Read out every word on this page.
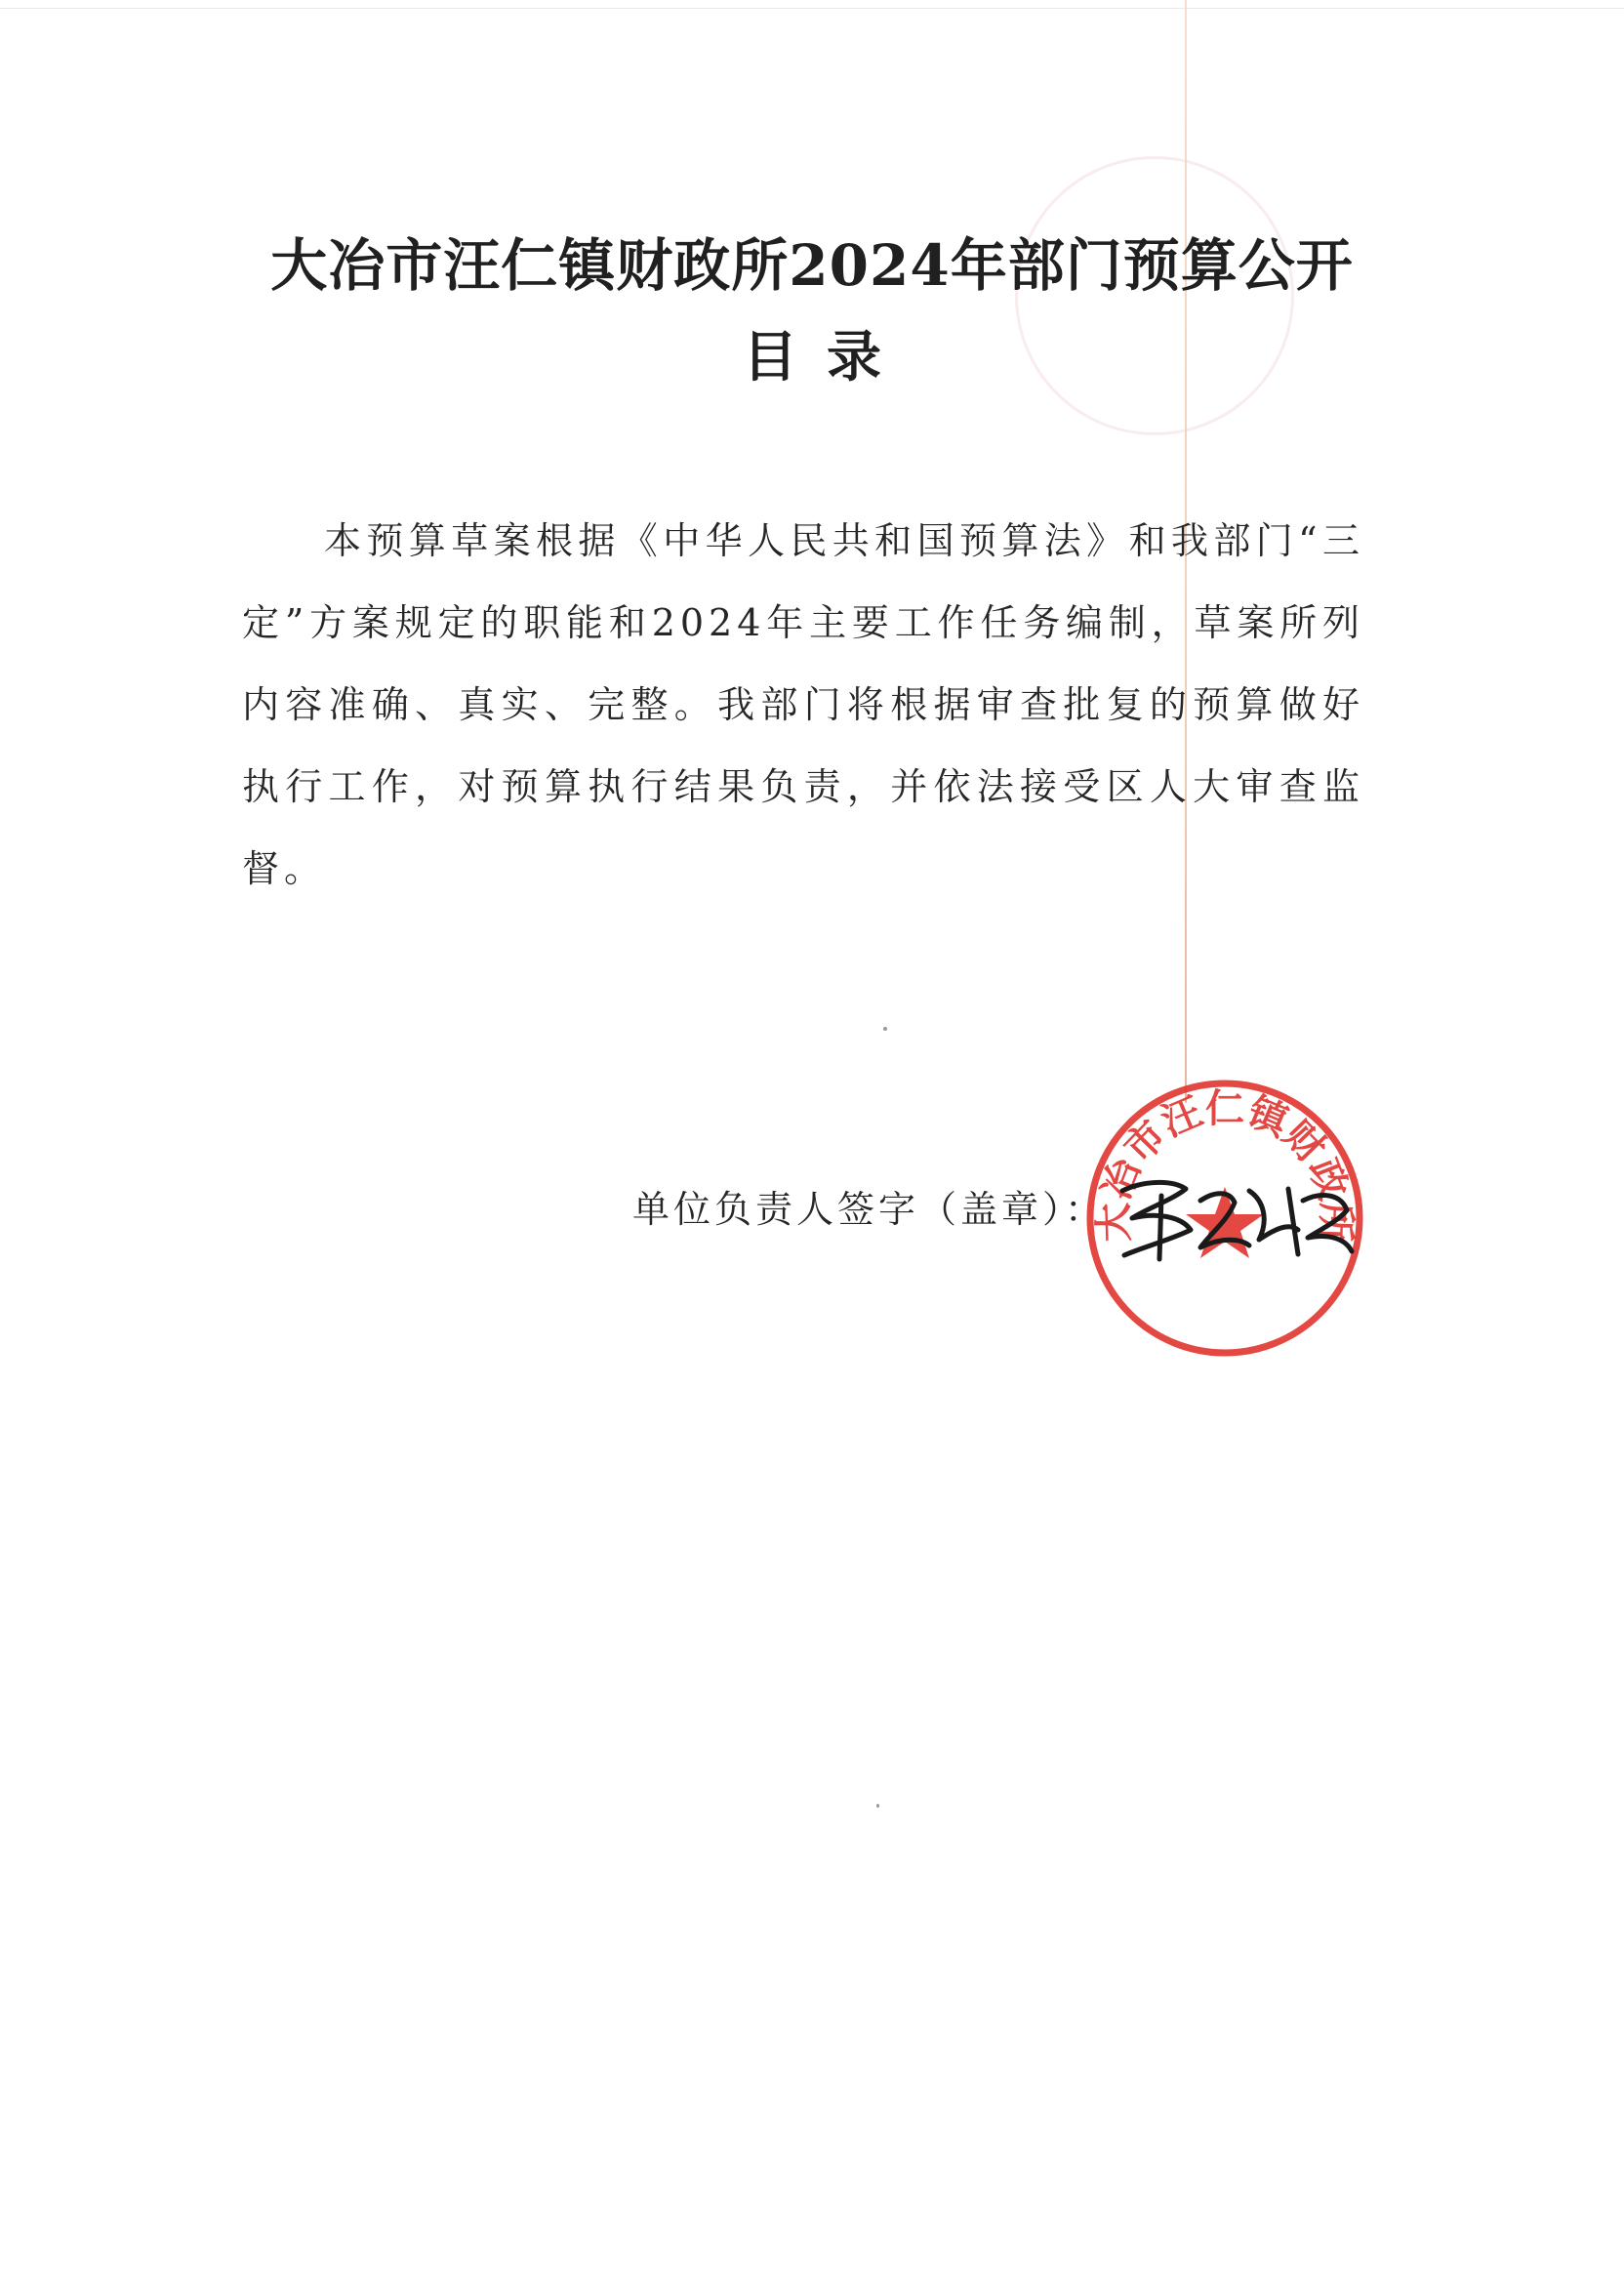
大冶市汪仁镇财政所2024年部门预算公开
目录
本预算草案根据《中华人民共和国预算法》和我部门“三定”方案规定的职能和2024年主要工作任务编制，草案所列内容准确、真实、完整。我部门将根据审查批复的预算做好执行工作，对预算执行结果负责，并依法接受区人大审查监督。
单位负责人签字（盖章）：
大冶市汪仁镇财政所
